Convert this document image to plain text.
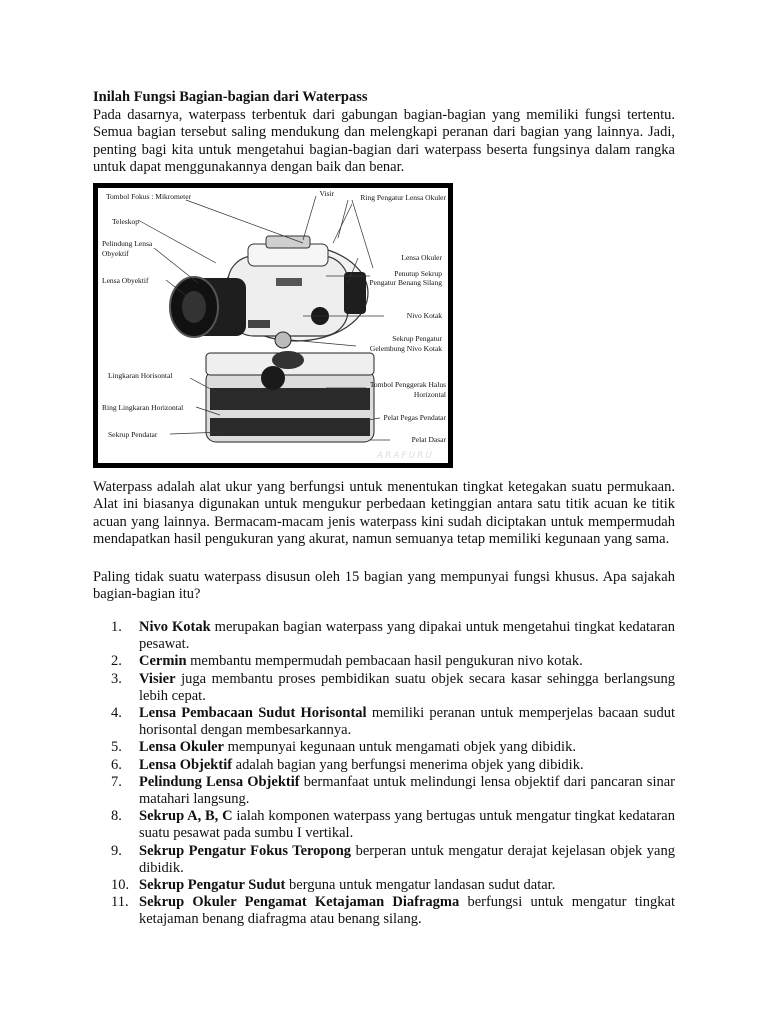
Inilah Fungsi Bagian-bagian dari Waterpass

Pada dasarnya, waterpass terbentuk dari gabungan bagian-bagian yang memiliki fungsi tertentu. Semua bagian tersebut saling mendukung dan melengkapi peranan dari bagian yang lainnya. Jadi, penting bagi kita untuk mengetahui bagian-bagian dari waterpass beserta fungsinya dalam rangka untuk dapat menggunakannya dengan baik dan benar.

Tombol Fokus : Mikrometer
Teleskop
Pelindung Lensa
Obyektif
Lensa Obyektif
Lingkaran Horisontal
Ring Lingkaran Horizontal
Sekrup Pendatar
Visir	Ring Pengatur Lensa Okuler
Lensa Okuler
Penutup Sekrup
Pengatur Benang Silang
Nivo Kotak
Sekrup Pengatur
Gelembung Nivo Kotak
Tombol Penggerak Halus
Horizontal
Pelat Pegas Pendatar
Pelat Dasar
ARAFURU

Waterpass adalah alat ukur yang berfungsi untuk menentukan tingkat ketegakan suatu permukaan. Alat ini biasanya digunakan untuk mengukur perbedaan ketinggian antara satu titik acuan ke titik acuan yang lainnya. Bermacam-macam jenis waterpass kini sudah diciptakan untuk mempermudah mendapatkan hasil pengukuran yang akurat, namun semuanya tetap memiliki kegunaan yang sama.

Paling tidak suatu waterpass disusun oleh 15 bagian yang mempunyai fungsi khusus. Apa sajakah bagian-bagian itu?

1. Nivo Kotak merupakan bagian waterpass yang dipakai untuk mengetahui tingkat kedataran pesawat.
2. Cermin membantu mempermudah pembacaan hasil pengukuran nivo kotak.
3. Visier juga membantu proses pembidikan suatu objek secara kasar sehingga berlangsung lebih cepat.
4. Lensa Pembacaan Sudut Horisontal memiliki peranan untuk memperjelas bacaan sudut horisontal dengan membesarkannya.
5. Lensa Okuler mempunyai kegunaan untuk mengamati objek yang dibidik.
6. Lensa Objektif adalah bagian yang berfungsi menerima objek yang dibidik.
7. Pelindung Lensa Objektif bermanfaat untuk melindungi lensa objektif dari pancaran sinar matahari langsung.
8. Sekrup A, B, C ialah komponen waterpass yang bertugas untuk mengatur tingkat kedataran suatu pesawat pada sumbu I vertikal.
9. Sekrup Pengatur Fokus Teropong berperan untuk mengatur derajat kejelasan objek yang dibidik.
10. Sekrup Pengatur Sudut berguna untuk mengatur landasan sudut datar.
11. Sekrup Okuler Pengamat Ketajaman Diafragma berfungsi untuk mengatur tingkat ketajaman benang diafragma atau benang silang.
